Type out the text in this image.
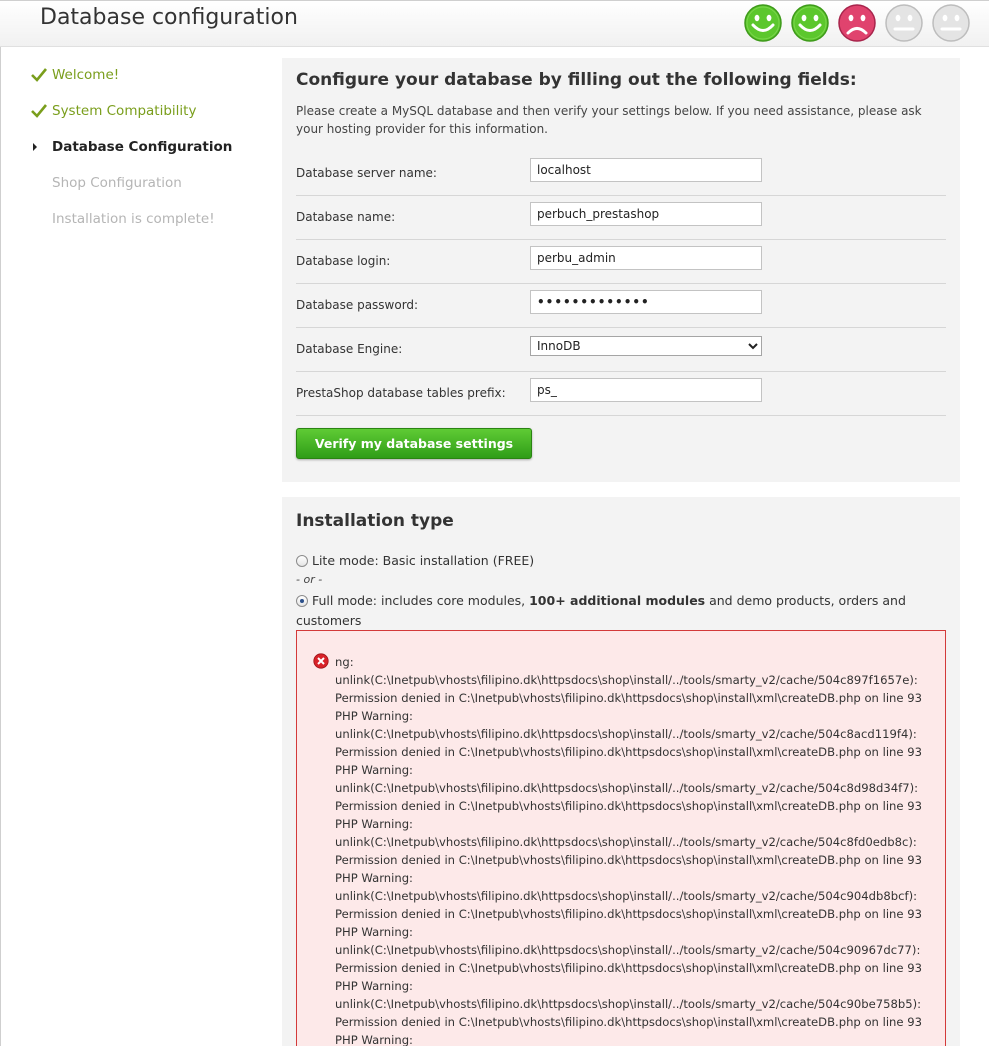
Database configuration
Welcome!
System Compatibility
Database Configuration
Shop Configuration
Installation is complete!
Configure your database by filling out the following fields:
Please create a MySQL database and then verify your settings below. If you need assistance, please ask your hosting provider for this information.
Database server name:
localhost
Database name:
perbuch_prestashop
Database login:
perbu_admin
Database password:	•••••••••••••
Database Engine:
InnoDB
PrestaShop database tables prefix:
ps_
Verify my database settings
Installation type
Lite mode: Basic installation (FREE)
- or -
Full mode: includes core modules, 100+ additional modules and demo products, orders and customers

ng:
unlink(C:\Inetpub\vhosts\filipino.dk\httpsdocs\shop\install/../tools/smarty_v2/cache/504c897f1657e):
Permission denied in C:\Inetpub\vhosts\filipino.dk\httpsdocs\shop\install\xml\createDB.php on line 93
PHP Warning:
unlink(C:\Inetpub\vhosts\filipino.dk\httpsdocs\shop\install/../tools/smarty_v2/cache/504c8acd119f4):
Permission denied in C:\Inetpub\vhosts\filipino.dk\httpsdocs\shop\install\xml\createDB.php on line 93
PHP Warning:
unlink(C:\Inetpub\vhosts\filipino.dk\httpsdocs\shop\install/../tools/smarty_v2/cache/504c8d98d34f7):
Permission denied in C:\Inetpub\vhosts\filipino.dk\httpsdocs\shop\install\xml\createDB.php on line 93
PHP Warning:
unlink(C:\Inetpub\vhosts\filipino.dk\httpsdocs\shop\install/../tools/smarty_v2/cache/504c8fd0edb8c):
Permission denied in C:\Inetpub\vhosts\filipino.dk\httpsdocs\shop\install\xml\createDB.php on line 93
PHP Warning:
unlink(C:\Inetpub\vhosts\filipino.dk\httpsdocs\shop\install/../tools/smarty_v2/cache/504c904db8bcf):
Permission denied in C:\Inetpub\vhosts\filipino.dk\httpsdocs\shop\install\xml\createDB.php on line 93
PHP Warning:
unlink(C:\Inetpub\vhosts\filipino.dk\httpsdocs\shop\install/../tools/smarty_v2/cache/504c90967dc77):
Permission denied in C:\Inetpub\vhosts\filipino.dk\httpsdocs\shop\install\xml\createDB.php on line 93
PHP Warning:
unlink(C:\Inetpub\vhosts\filipino.dk\httpsdocs\shop\install/../tools/smarty_v2/cache/504c90be758b5):
Permission denied in C:\Inetpub\vhosts\filipino.dk\httpsdocs\shop\install\xml\createDB.php on line 93
PHP Warning:
